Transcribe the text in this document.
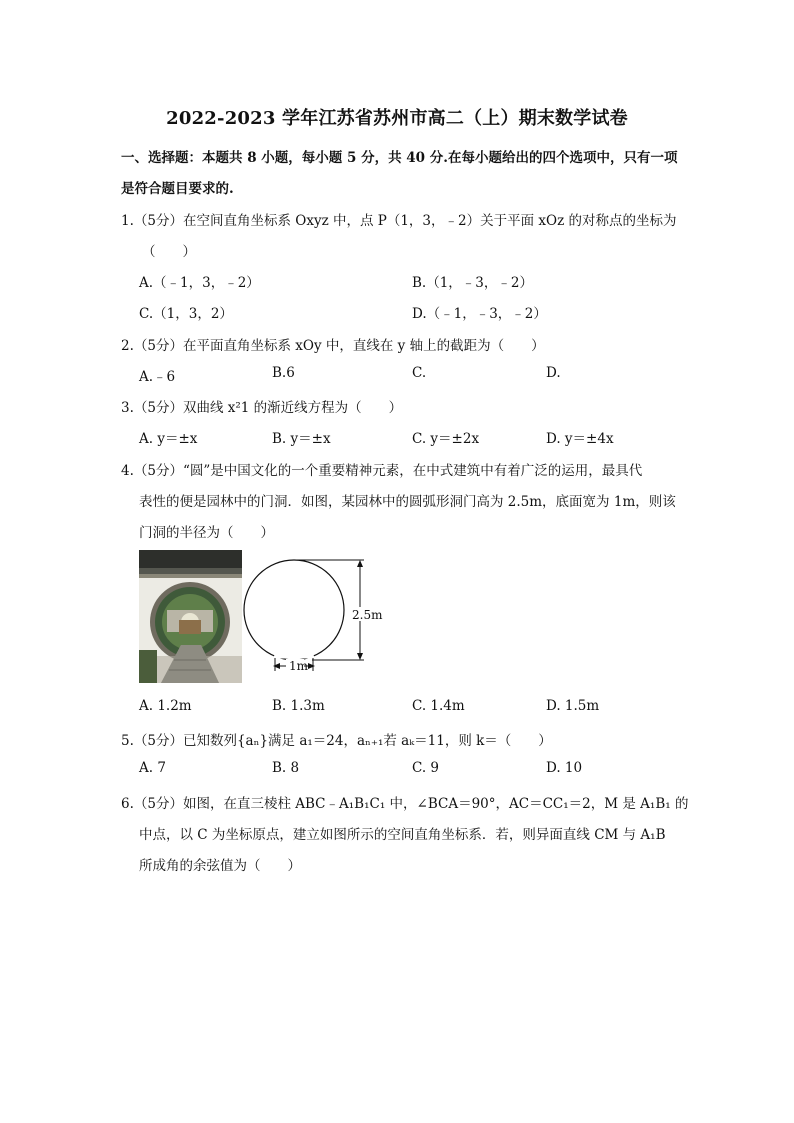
2022-2023 学年江苏省苏州市高二（上）期末数学试卷
一、选择题：本题共 8 小题，每小题 5 分，共 40 分.在每小题给出的四个选项中，只有一项
是符合题目要求的.
1.（5分）在空间直角坐标系 Oxyz 中，点 P（1，3，﹣2）关于平面 xOz 的对称点的坐标为
（　　）
A.（﹣1，3，﹣2）	B.（1，﹣3，﹣2）
C.（1，3，2）	D.（﹣1，﹣3，﹣2）
2.（5分）在平面直角坐标系 xOy 中，直线在 y 轴上的截距为（　　）
A.﹣6	B.6	C.	D.
3.（5分）双曲线 x²1 的渐近线方程为（　　）
A. y＝±x	B. y＝±x	C. y＝±2x	D. y＝±4x
4.（5分）“圆”是中国文化的一个重要精神元素，在中式建筑中有着广泛的运用，最具代
表性的便是园林中的门洞．如图，某园林中的圆弧形洞门高为 2.5m，底面宽为 1m，则该
门洞的半径为（　　）
2.5m
1m
A. 1.2m	B. 1.3m	C. 1.4m	D. 1.5m
5.（5分）已知数列{aₙ}满足 a₁＝24，aₙ₊₁若 aₖ＝11，则 k＝（　　）
A. 7	B. 8	C. 9	D. 10
6.（5分）如图，在直三棱柱 ABC﹣A₁B₁C₁ 中，∠BCA＝90°，AC＝CC₁＝2，M 是 A₁B₁ 的
中点，以 C 为坐标原点，建立如图所示的空间直角坐标系．若，则异面直线 CM 与 A₁B
所成角的余弦值为（　　）
